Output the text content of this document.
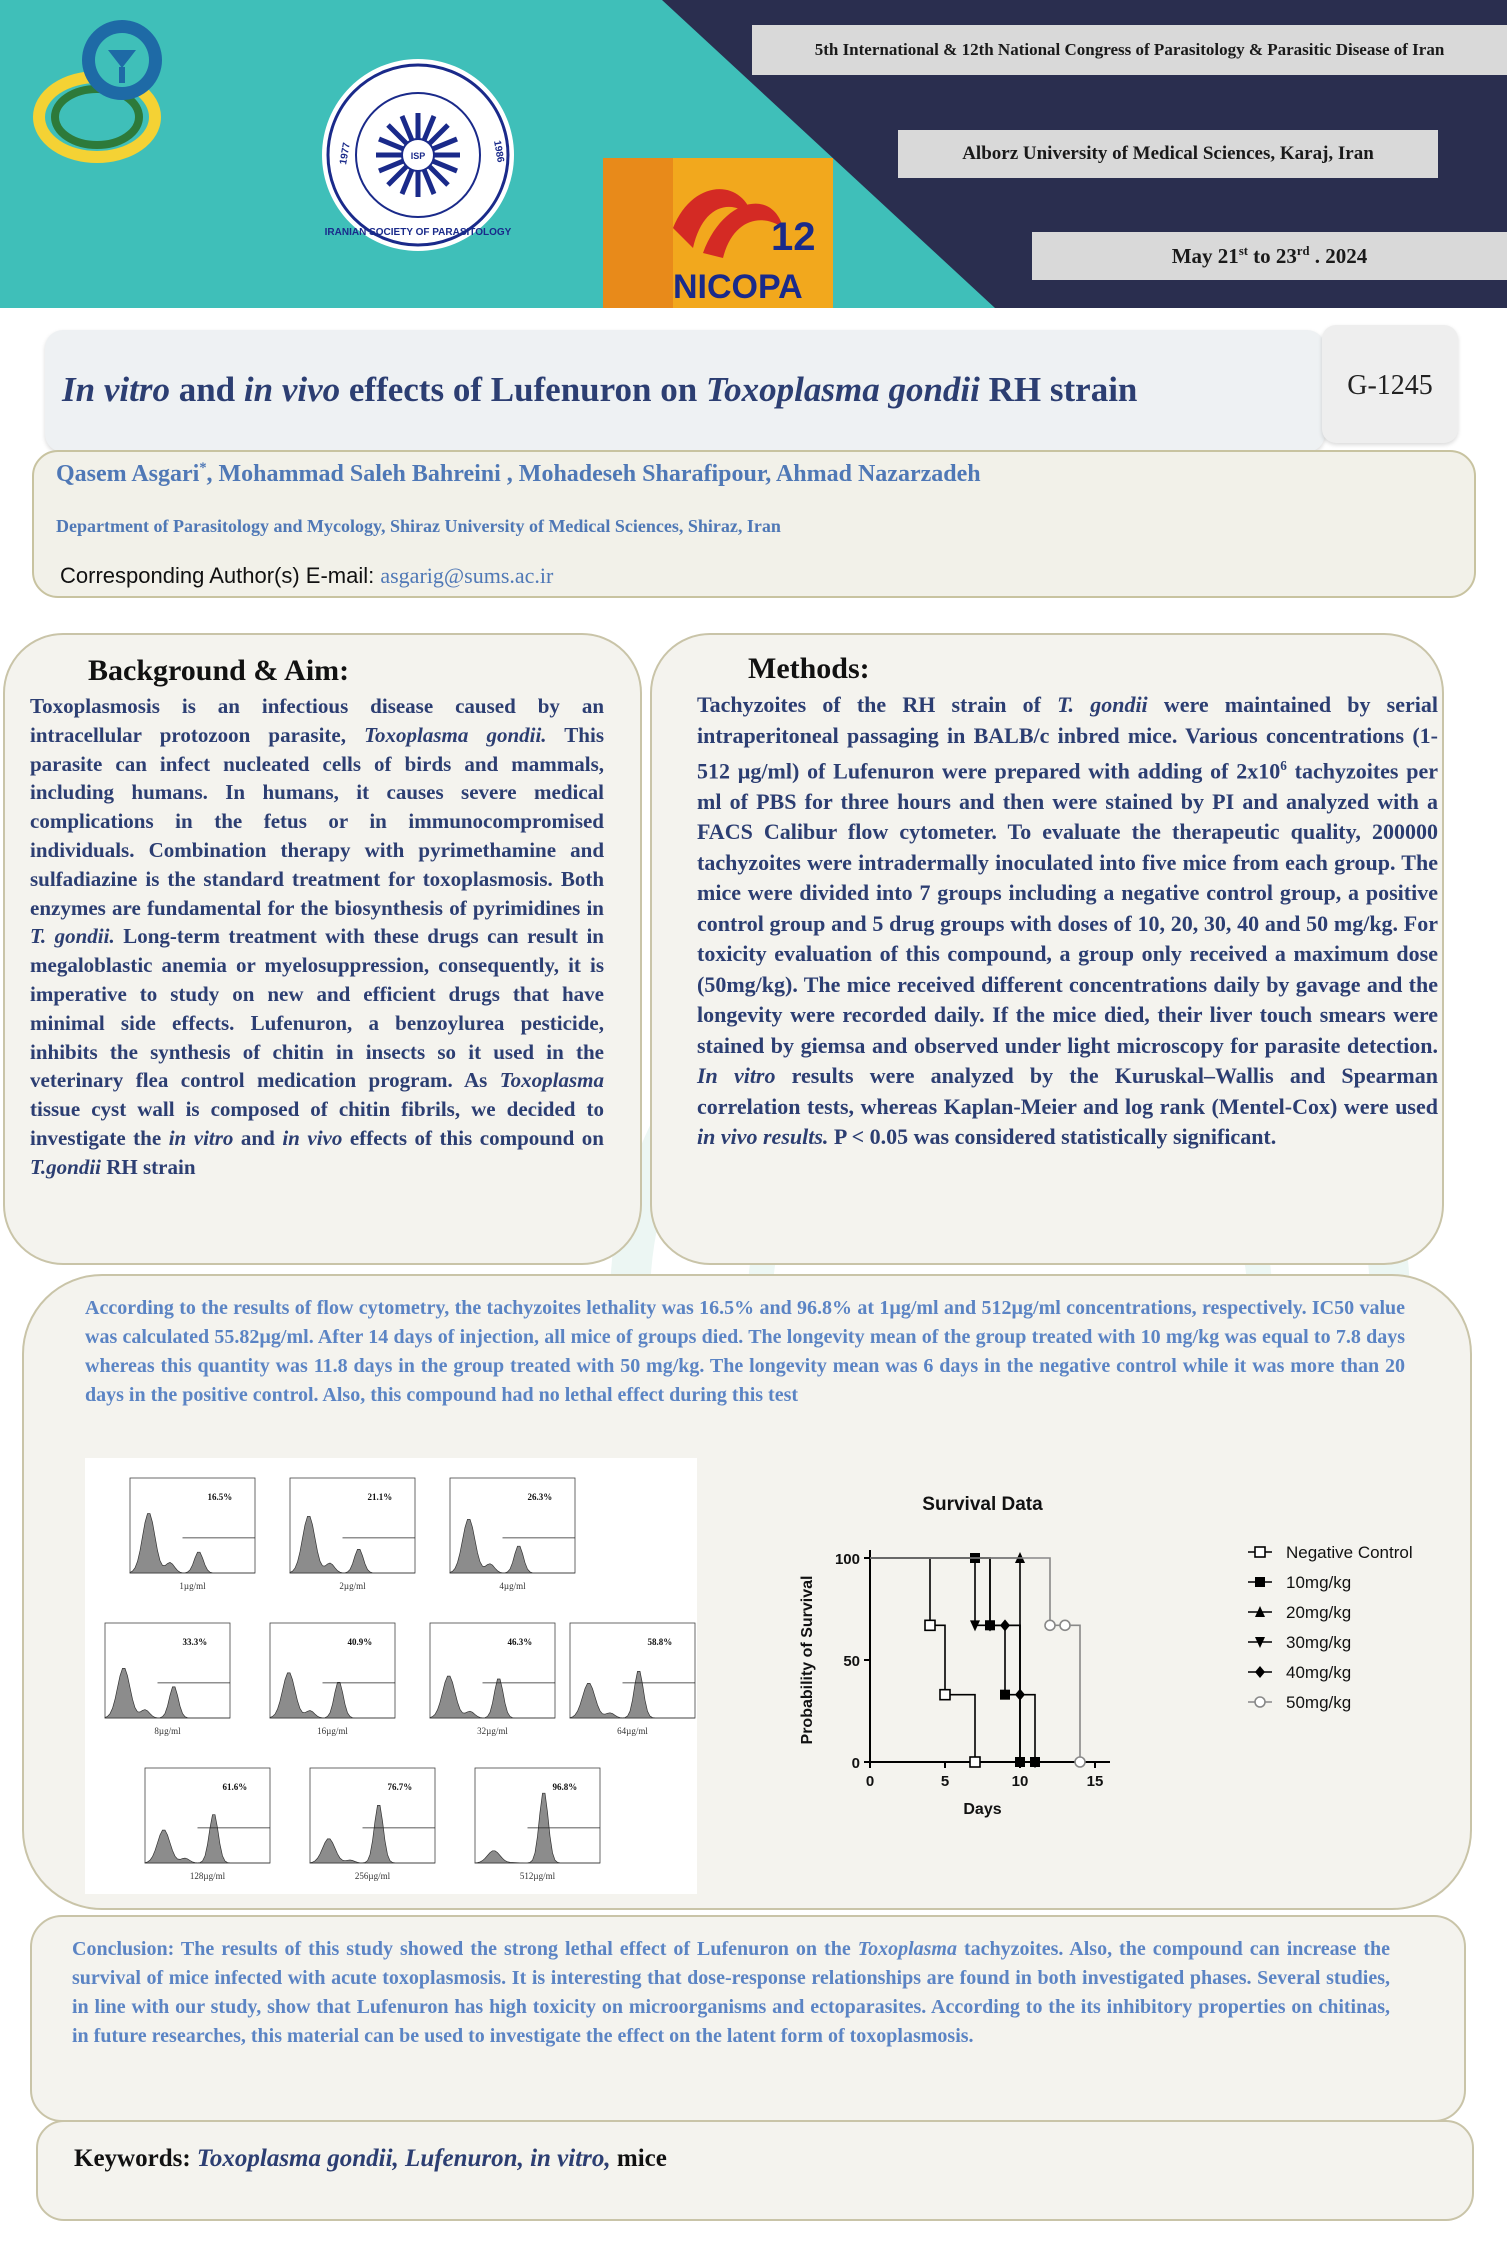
ISP
IRANIAN SOCIETY OF PARASITOLOGY
1977	1986
12
NICOPA
5th International & 12th National Congress of Parasitology & Parasitic Disease of Iran
Alborz University of Medical Sciences, Karaj, Iran
May 21st to 23rd . 2024
In vitro and in vivo effects of Lufenuron on Toxoplasma gondii RH strain	G-1245
Qasem Asgari*, Mohammad Saleh Bahreini , Mohadeseh Sharafipour, Ahmad Nazarzadeh
Department of Parasitology and Mycology, Shiraz University of Medical Sciences, Shiraz, Iran
Corresponding Author(s) E-mail: asgarig@sums.ac.ir
Background & Aim:
Toxoplasmosis is an infectious disease caused by an intracellular protozoon parasite, Toxoplasma gondii. This parasite can infect nucleated cells of birds and mammals, including humans. In humans, it causes severe medical complications in the fetus or in immunocompromised individuals. Combination therapy with pyrimethamine and sulfadiazine is the standard treatment for toxoplasmosis. Both enzymes are fundamental for the biosynthesis of pyrimidines in T. gondii. Long-term treatment with these drugs can result in megaloblastic anemia or myelosuppression, consequently, it is imperative to study on new and efficient drugs that have minimal side effects. Lufenuron, a benzoylurea pesticide, inhibits the synthesis of chitin in insects so it used in the veterinary flea control medication program. As Toxoplasma tissue cyst wall is composed of chitin fibrils, we decided to investigate the in vitro and in vivo effects of this compound on T.gondii RH strain
Methods:
Tachyzoites of the RH strain of T. gondii were maintained by serial intraperitoneal passaging in BALB/c inbred mice. Various concentrations (1-512 µg/ml) of Lufenuron were prepared with adding of $2x10^6$ tachyzoites per ml of PBS for three hours and then were stained by PI and analyzed with a FACS Calibur flow cytometer. To evaluate the therapeutic quality, 200000 tachyzoites were intradermally inoculated into five mice from each group. The mice were divided into 7 groups including a negative control group, a positive control group and 5 drug groups with doses of 10, 20, 30, 40 and 50 mg/kg. For toxicity evaluation of this compound, a group only received a maximum dose (50mg/kg). The mice received different concentrations daily by gavage and the longevity were recorded daily. If the mice died, their liver touch smears were stained by giemsa and observed under light microscopy for parasite detection. In vitro results were analyzed by the Kuruskal–Wallis and Spearman correlation tests, whereas Kaplan-Meier and log rank (Mentel-Cox) were used in vivo results. P < 0.05 was considered statistically significant.
According to the results of flow cytometry, the tachyzoites lethality was 16.5% and 96.8% at 1µg/ml and 512µg/ml concentrations, respectively. IC50 value was calculated 55.82µg/ml. After 14 days of injection, all mice of groups died. The longevity mean of the group treated with 10 mg/kg was equal to 7.8 days whereas this quantity was 11.8 days in the group treated with 50 mg/kg. The longevity mean was 6 days in the negative control while it was more than 20 days in the positive control. Also, this compound had no lethal effect during this test
16.5%
1µg/ml
21.1%
2µg/ml
26.3%
4µg/ml
33.3%
8µg/ml
40.9%
16µg/ml
46.3%
32µg/ml
58.8%
64µg/ml
61.6%
128µg/ml
76.7%
256µg/ml
96.8%
512µg/ml
Survival Data
0
50
100
0	5	10	15
Days
Probability of Survival
Negative Control
10mg/kg
20mg/kg
30mg/kg
40mg/kg
50mg/kg
Conclusion: The results of this study showed the strong lethal effect of Lufenuron on the Toxoplasma tachyzoites. Also, the compound can increase the survival of mice infected with acute toxoplasmosis. It is interesting that dose-response relationships are found in both investigated phases. Several studies, in line with our study, show that Lufenuron has high toxicity on microorganisms and ectoparasites. According to the its inhibitory properties on chitinas, in future researches, this material can be used to investigate the effect on the latent form of toxoplasmosis.
Keywords: Toxoplasma gondii, Lufenuron, in vitro, mice
